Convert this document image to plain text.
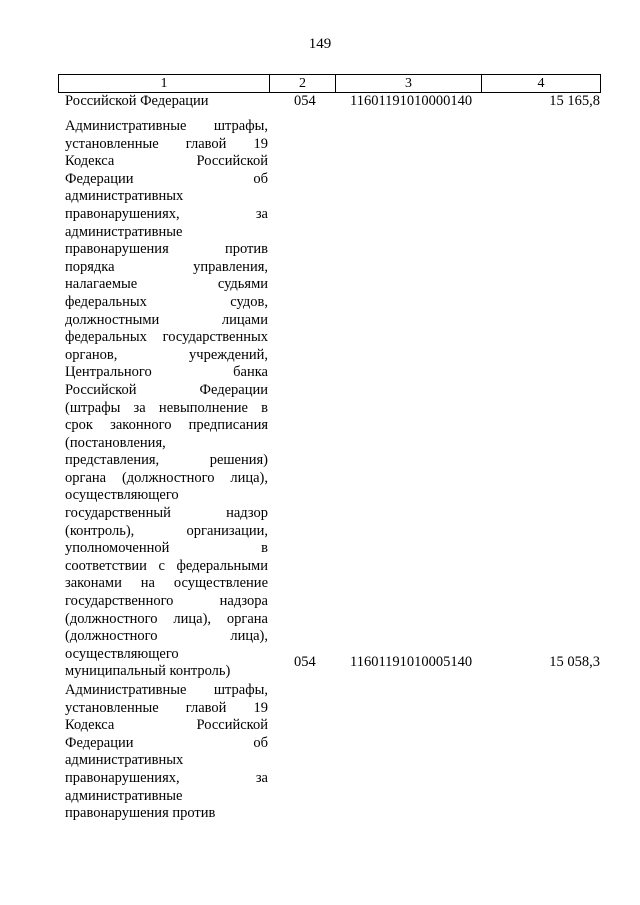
149
1	2	3	4
Российской Федерации	054	11601191010000140	15 165,8
Административные штрафы,
установленные главой 19
Кодекса Российской
Федерации об
административных
правонарушениях, за
административные
правонарушения против
порядка управления,
налагаемые судьями
федеральных судов,
должностными лицами
федеральных государственных
органов, учреждений,
Центрального банка
Российской Федерации
(штрафы за невыполнение в
срок законного предписания
(постановления,
представления, решения)
органа (должностного лица),
осуществляющего
государственный надзор
(контроль), организации,
уполномоченной в
соответствии с федеральными
законами на осуществление
государственного надзора
(должностного лица), органа
(должностного лица),
осуществляющего
муниципальный контроль)
054	11601191010005140	15 058,3
Административные штрафы,
установленные главой 19
Кодекса Российской
Федерации об
административных
правонарушениях, за
административные
правонарушения против
